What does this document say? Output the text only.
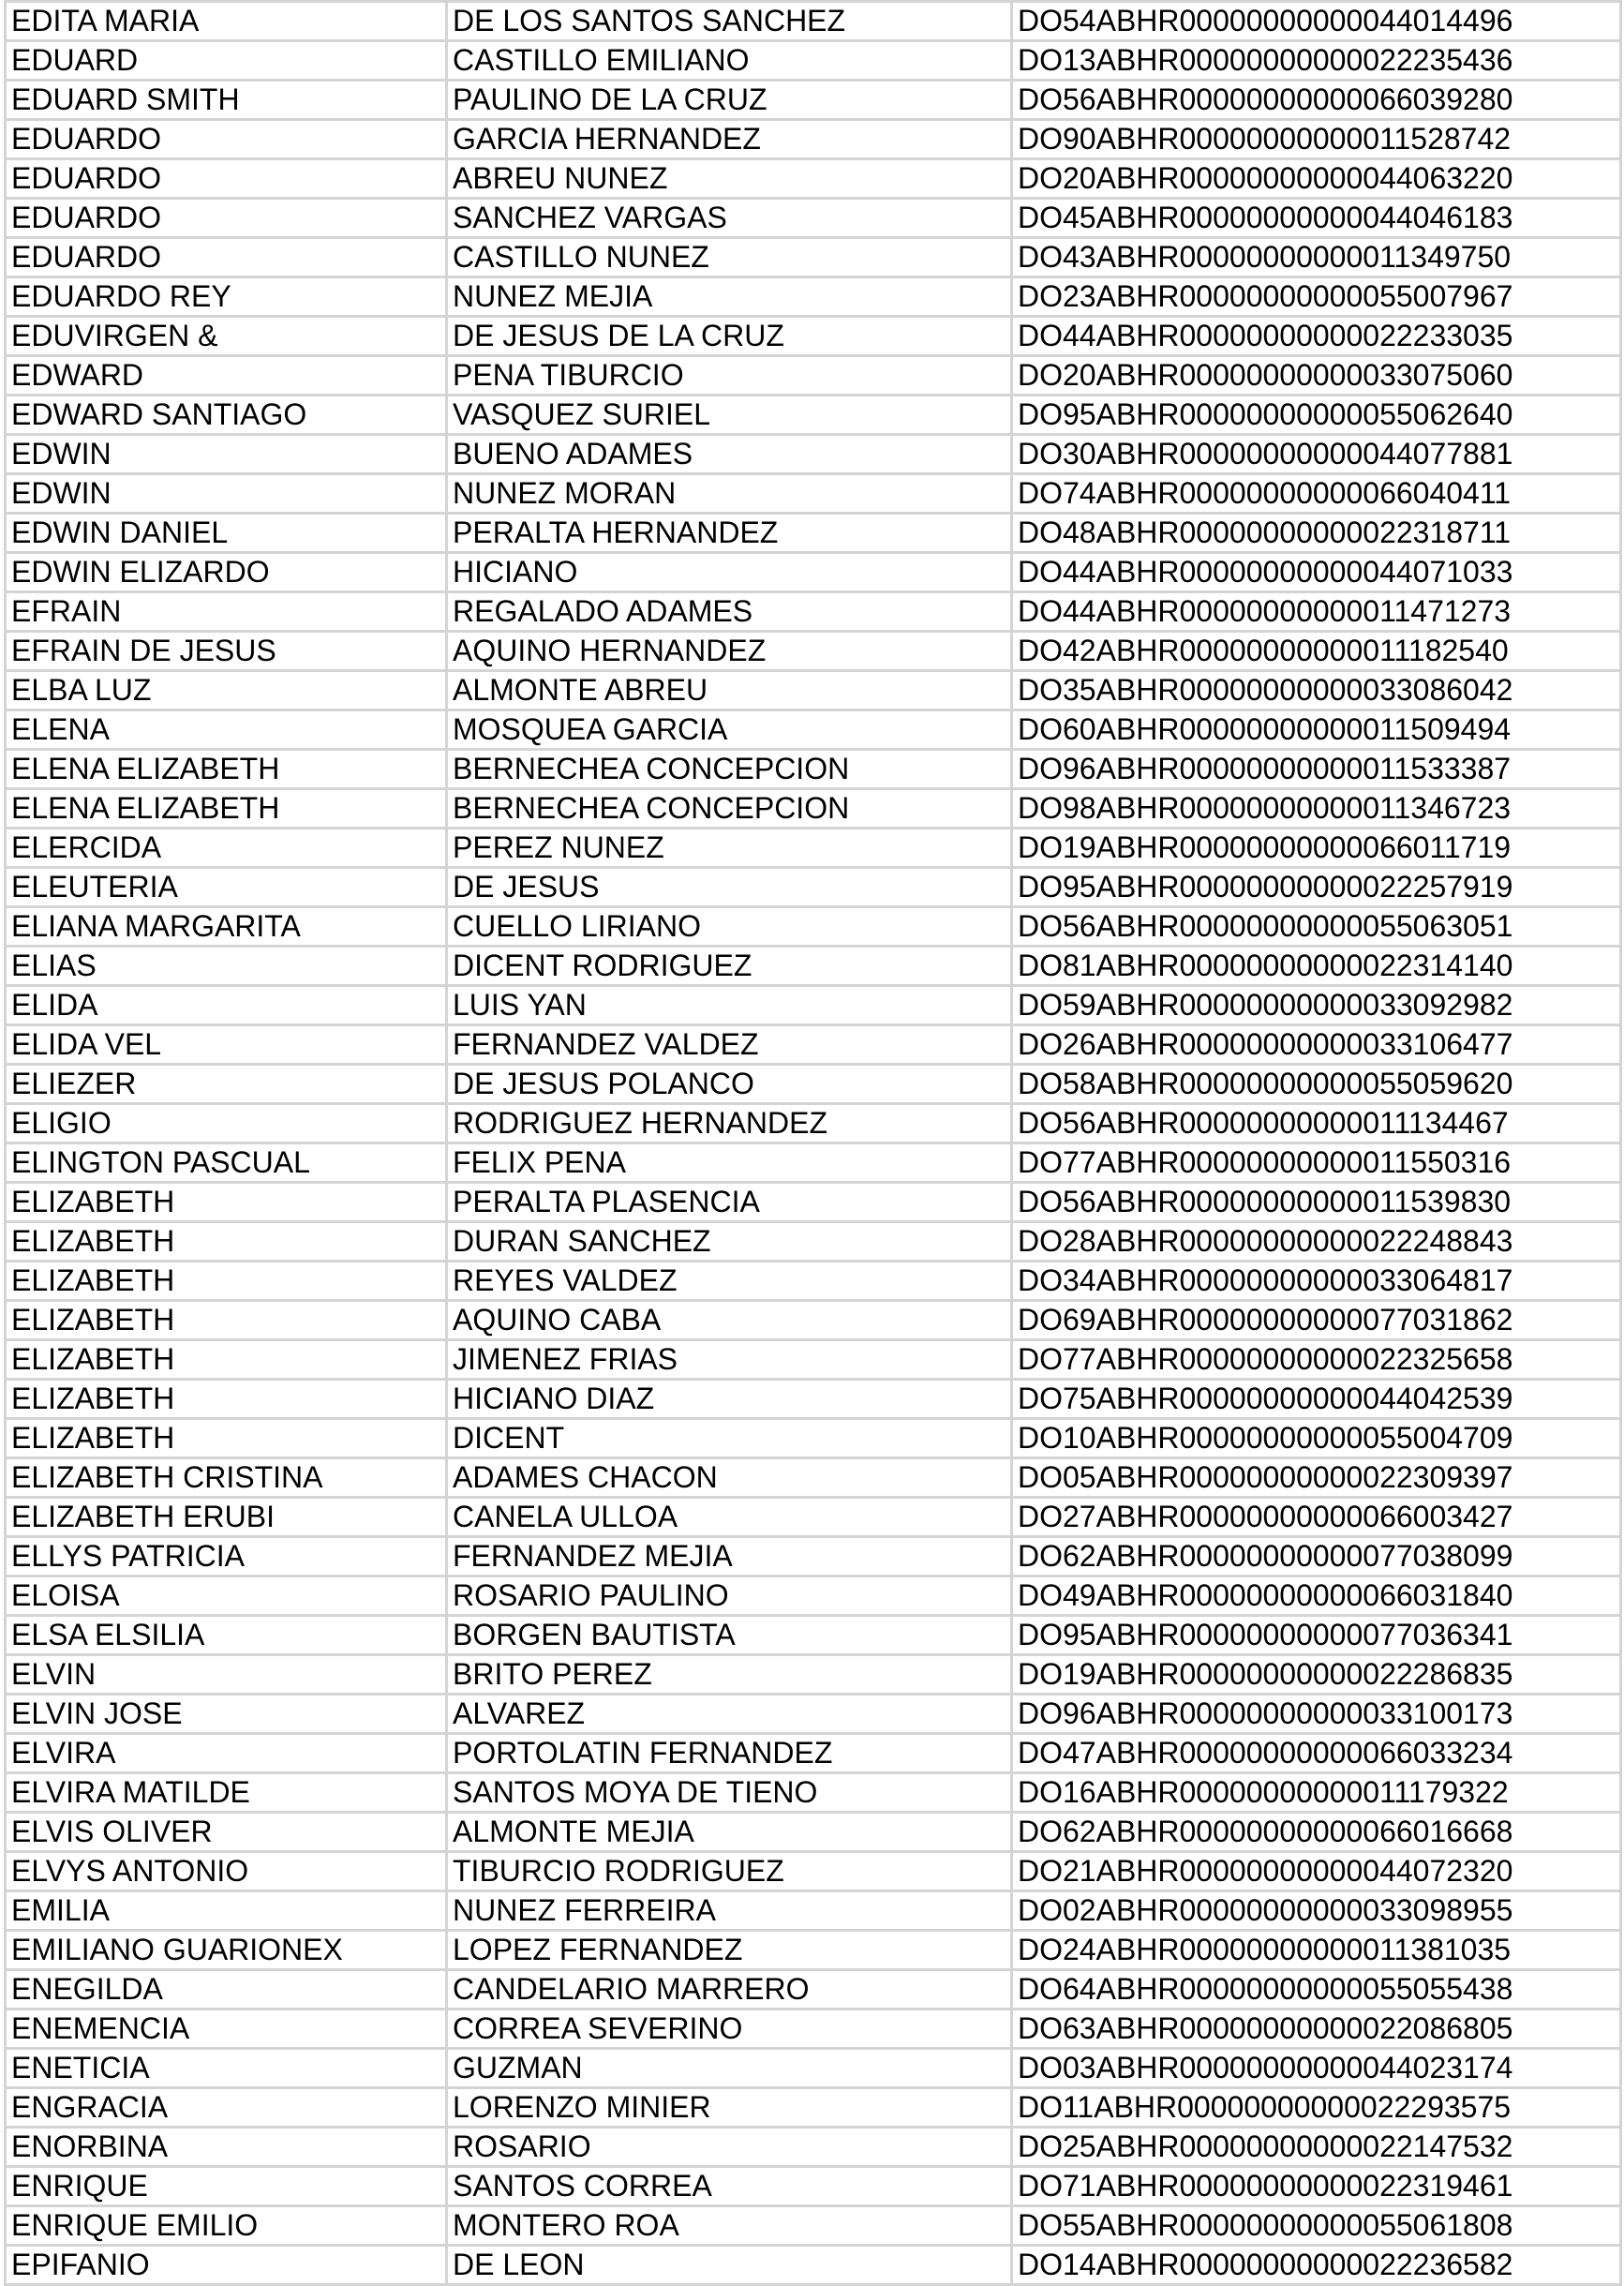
EDITA MARIA	DE LOS SANTOS SANCHEZ	DO54ABHR00000000000044014496
EDUARD	CASTILLO EMILIANO	DO13ABHR00000000000022235436
EDUARD SMITH	PAULINO DE LA CRUZ	DO56ABHR00000000000066039280
EDUARDO	GARCIA HERNANDEZ	DO90ABHR00000000000011528742
EDUARDO	ABREU NUNEZ	DO20ABHR00000000000044063220
EDUARDO	SANCHEZ VARGAS	DO45ABHR00000000000044046183
EDUARDO	CASTILLO NUNEZ	DO43ABHR00000000000011349750
EDUARDO REY	NUNEZ MEJIA	DO23ABHR00000000000055007967
EDUVIRGEN &	DE JESUS DE LA CRUZ	DO44ABHR00000000000022233035
EDWARD	PENA TIBURCIO	DO20ABHR00000000000033075060
EDWARD SANTIAGO	VASQUEZ SURIEL	DO95ABHR00000000000055062640
EDWIN	BUENO ADAMES	DO30ABHR00000000000044077881
EDWIN	NUNEZ MORAN	DO74ABHR00000000000066040411
EDWIN DANIEL	PERALTA HERNANDEZ	DO48ABHR00000000000022318711
EDWIN ELIZARDO	HICIANO	DO44ABHR00000000000044071033
EFRAIN	REGALADO ADAMES	DO44ABHR00000000000011471273
EFRAIN DE JESUS	AQUINO HERNANDEZ	DO42ABHR00000000000011182540
ELBA LUZ	ALMONTE ABREU	DO35ABHR00000000000033086042
ELENA	MOSQUEA GARCIA	DO60ABHR00000000000011509494
ELENA ELIZABETH	BERNECHEA CONCEPCION	DO96ABHR00000000000011533387
ELENA ELIZABETH	BERNECHEA CONCEPCION	DO98ABHR00000000000011346723
ELERCIDA	PEREZ NUNEZ	DO19ABHR00000000000066011719
ELEUTERIA	DE JESUS	DO95ABHR00000000000022257919
ELIANA MARGARITA	CUELLO LIRIANO	DO56ABHR00000000000055063051
ELIAS	DICENT RODRIGUEZ	DO81ABHR00000000000022314140
ELIDA	LUIS YAN	DO59ABHR00000000000033092982
ELIDA VEL	FERNANDEZ VALDEZ	DO26ABHR00000000000033106477
ELIEZER	DE JESUS POLANCO	DO58ABHR00000000000055059620
ELIGIO	RODRIGUEZ HERNANDEZ	DO56ABHR00000000000011134467
ELINGTON PASCUAL	FELIX PENA	DO77ABHR00000000000011550316
ELIZABETH	PERALTA PLASENCIA	DO56ABHR00000000000011539830
ELIZABETH	DURAN SANCHEZ	DO28ABHR00000000000022248843
ELIZABETH	REYES VALDEZ	DO34ABHR00000000000033064817
ELIZABETH	AQUINO CABA	DO69ABHR00000000000077031862
ELIZABETH	JIMENEZ FRIAS	DO77ABHR00000000000022325658
ELIZABETH	HICIANO DIAZ	DO75ABHR00000000000044042539
ELIZABETH	DICENT	DO10ABHR00000000000055004709
ELIZABETH CRISTINA	ADAMES CHACON	DO05ABHR00000000000022309397
ELIZABETH ERUBI	CANELA ULLOA	DO27ABHR00000000000066003427
ELLYS PATRICIA	FERNANDEZ MEJIA	DO62ABHR00000000000077038099
ELOISA	ROSARIO PAULINO	DO49ABHR00000000000066031840
ELSA ELSILIA	BORGEN BAUTISTA	DO95ABHR00000000000077036341
ELVIN	BRITO PEREZ	DO19ABHR00000000000022286835
ELVIN JOSE	ALVAREZ	DO96ABHR00000000000033100173
ELVIRA	PORTOLATIN FERNANDEZ	DO47ABHR00000000000066033234
ELVIRA MATILDE	SANTOS MOYA DE TIENO	DO16ABHR00000000000011179322
ELVIS OLIVER	ALMONTE MEJIA	DO62ABHR00000000000066016668
ELVYS ANTONIO	TIBURCIO RODRIGUEZ	DO21ABHR00000000000044072320
EMILIA	NUNEZ FERREIRA	DO02ABHR00000000000033098955
EMILIANO GUARIONEX	LOPEZ FERNANDEZ	DO24ABHR00000000000011381035
ENEGILDA	CANDELARIO MARRERO	DO64ABHR00000000000055055438
ENEMENCIA	CORREA SEVERINO	DO63ABHR00000000000022086805
ENETICIA	GUZMAN	DO03ABHR00000000000044023174
ENGRACIA	LORENZO MINIER	DO11ABHR00000000000022293575
ENORBINA	ROSARIO	DO25ABHR00000000000022147532
ENRIQUE	SANTOS CORREA	DO71ABHR00000000000022319461
ENRIQUE EMILIO	MONTERO ROA	DO55ABHR00000000000055061808
EPIFANIO	DE LEON	DO14ABHR00000000000022236582
